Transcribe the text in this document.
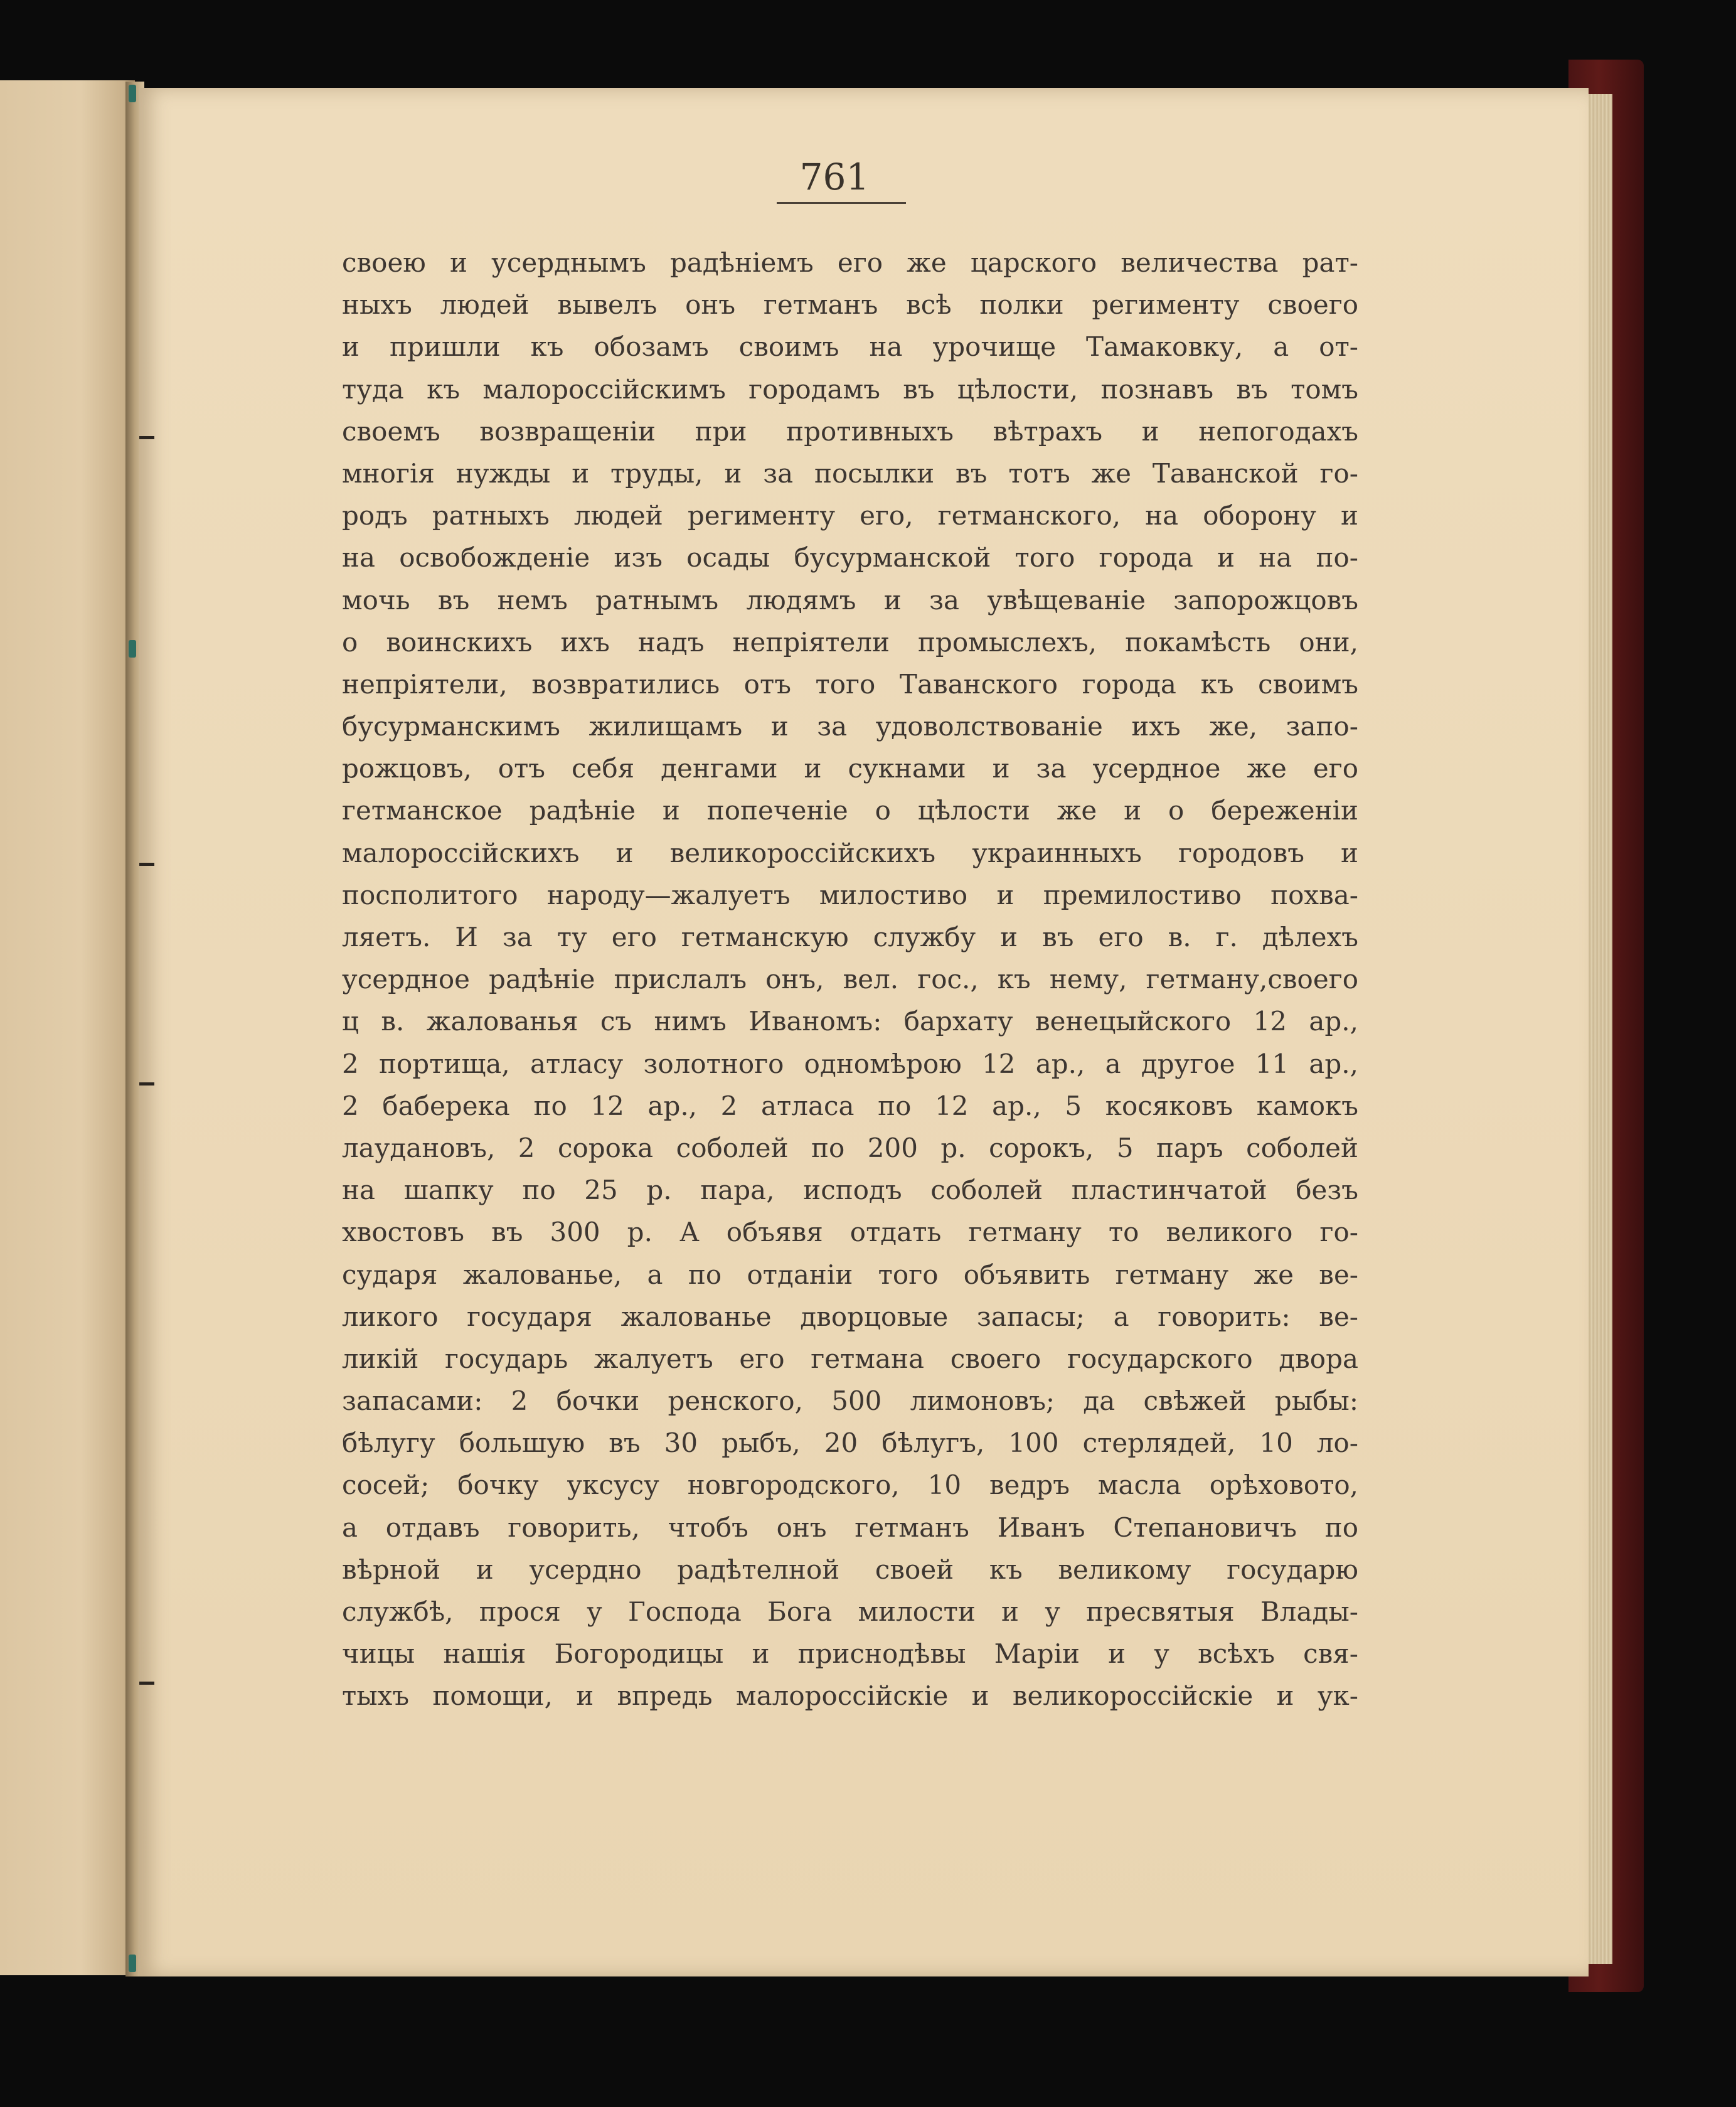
761
своею и усерднымъ радѣніемъ его же царского величества рат-
ныхъ людей вывелъ онъ гетманъ всѣ полки регименту своего
и пришли къ обозамъ своимъ на урочище Тамаковку, а от-
туда къ малороссійскимъ городамъ въ цѣлости, познавъ въ томъ
своемъ возвращеніи при противныхъ вѣтрахъ и непогодахъ
многія нужды и труды, и за посылки въ тотъ же Таванской го-
родъ ратныхъ людей регименту его, гетманского, на оборону и
на освобожденіе изъ осады бусурманской того города и на по-
мочь въ немъ ратнымъ людямъ и за увѣщеваніе запорожцовъ
о воинскихъ ихъ надъ непріятели промыслехъ, покамѣсть они,
непріятели, возвратились отъ того Таванского города къ своимъ
бусурманскимъ жилищамъ и за удоволствованіе ихъ же, запо-
рожцовъ, отъ себя денгами и сукнами и за усердное же его
гетманское радѣніе и попеченіе о цѣлости же и о береженіи
малороссійскихъ и великороссійскихъ украинныхъ городовъ и
посполитого народу—жалуетъ милостиво и премилостиво похва-
ляетъ. И за ту его гетманскую службу и въ его в. г. дѣлехъ
усердное радѣніе прислалъ онъ, вел. гос., къ нему, гетману,своего
ц в. жалованья съ нимъ Иваномъ: бархату венецыйского 12 ар.,
2 портища, атласу золотного одномѣрою 12 ар., а другое 11 ар.,
2 баберека по 12 ар., 2 атласа по 12 ар., 5 косяковъ камокъ
лаудановъ, 2 сорока соболей по 200 р. сорокъ, 5 паръ соболей
на шапку по 25 р. пара, исподъ соболей пластинчатой безъ
хвостовъ въ 300 р. А объявя отдать гетману то великого го-
сударя жалованье, а по отданіи того объявить гетману же ве-
ликого государя жалованье дворцовые запасы; а говорить: ве-
ликій государь жалуетъ его гетмана своего государского двора
запасами: 2 бочки ренского, 500 лимоновъ; да свѣжей рыбы:
бѣлугу большую въ 30 рыбъ, 20 бѣлугъ, 100 стерлядей, 10 ло-
сосей; бочку уксусу новгородского, 10 ведръ масла орѣховото,
а отдавъ говорить, чтобъ онъ гетманъ Иванъ Степановичъ по
вѣрной и усердно радѣтелной своей къ великому государю
службѣ, прося у Господа Бога милости и у пресвятыя Влады-
чицы нашія Богородицы и приснодѣвы Маріи и у всѣхъ свя-
тыхъ помощи, и впредь малороссійскіе и великороссійскіе и ук-
